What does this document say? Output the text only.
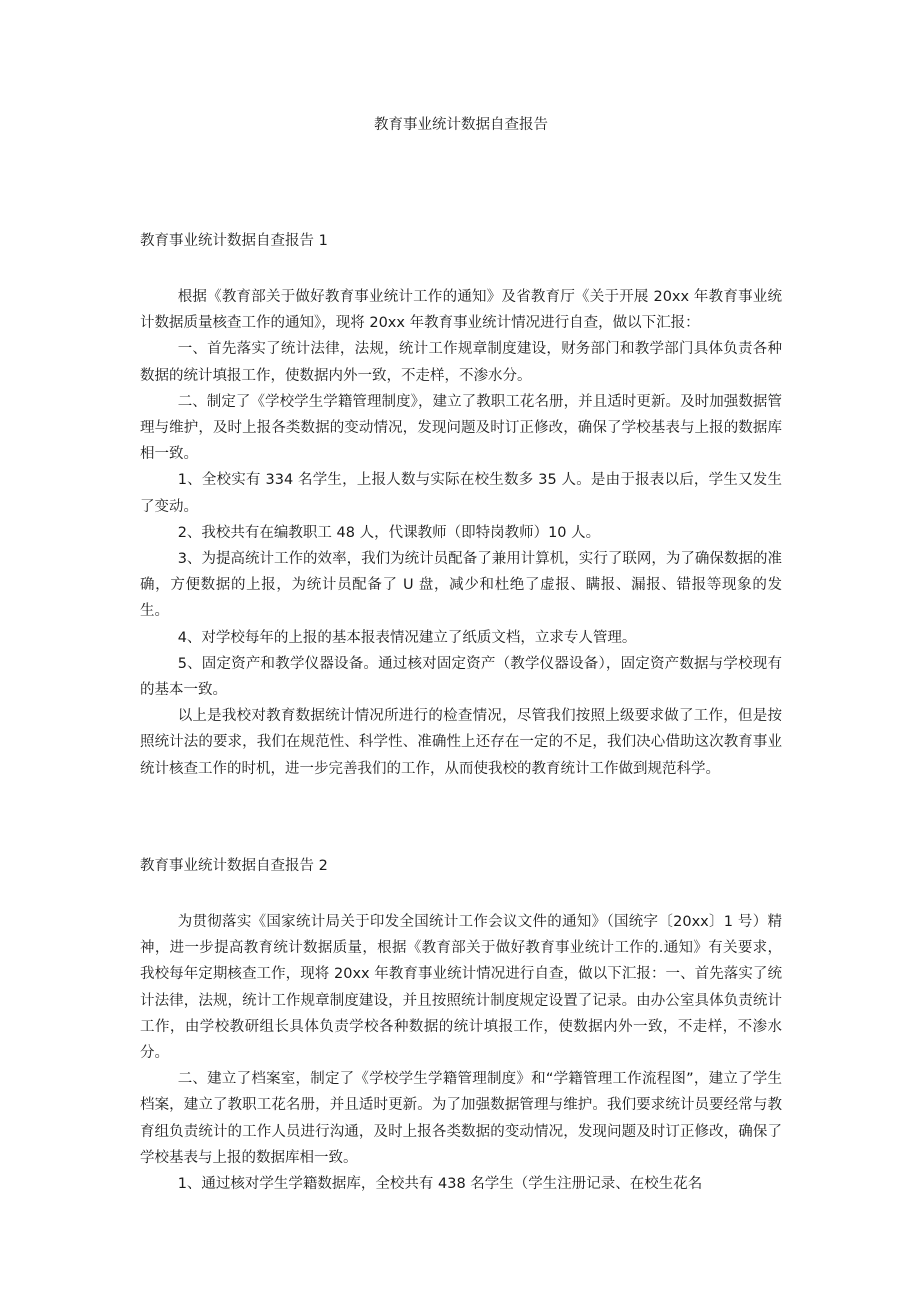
教育事业统计数据自查报告
教育事业统计数据自查报告 1

根据《教育部关于做好教育事业统计工作的通知》及省教育厅《关于开展 20xx 年教育事业统计数据质量核查工作的通知》，现将 20xx 年教育事业统计情况进行自查，做以下汇报：

一、首先落实了统计法律，法规，统计工作规章制度建设，财务部门和教学部门具体负责各种数据的统计填报工作，使数据内外一致，不走样，不渗水分。

二、制定了《学校学生学籍管理制度》，建立了教职工花名册，并且适时更新。及时加强数据管理与维护，及时上报各类数据的变动情况，发现问题及时订正修改，确保了学校基表与上报的数据库相一致。

1、全校实有 334 名学生，上报人数与实际在校生数多 35 人。是由于报表以后，学生又发生了变动。

2、我校共有在编教职工 48 人，代课教师（即特岗教师）10 人。

3、为提高统计工作的效率，我们为统计员配备了兼用计算机，实行了联网，为了确保数据的准确，方便数据的上报，为统计员配备了 U 盘，减少和杜绝了虚报、瞒报、漏报、错报等现象的发生。

4、对学校每年的上报的基本报表情况建立了纸质文档，立求专人管理。

5、固定资产和教学仪器设备。通过核对固定资产（教学仪器设备），固定资产数据与学校现有的基本一致。

以上是我校对教育数据统计情况所进行的检查情况，尽管我们按照上级要求做了工作，但是按照统计法的要求，我们在规范性、科学性、准确性上还存在一定的不足，我们决心借助这次教育事业统计核查工作的时机，进一步完善我们的工作，从而使我校的教育统计工作做到规范科学。

教育事业统计数据自查报告 2

为贯彻落实《国家统计局关于印发全国统计工作会议文件的通知》（国统字〔20xx〕1 号）精神，进一步提高教育统计数据质量，根据《教育部关于做好教育事业统计工作的.通知》有关要求，我校每年定期核查工作，现将 20xx 年教育事业统计情况进行自查，做以下汇报：一、首先落实了统计法律，法规，统计工作规章制度建设，并且按照统计制度规定设置了记录。由办公室具体负责统计工作，由学校教研组长具体负责学校各种数据的统计填报工作，使数据内外一致，不走样，不渗水分。

二、建立了档案室，制定了《学校学生学籍管理制度》和“学籍管理工作流程图”，建立了学生档案，建立了教职工花名册，并且适时更新。为了加强数据管理与维护。我们要求统计员要经常与教育组负责统计的工作人员进行沟通，及时上报各类数据的变动情况，发现问题及时订正修改，确保了学校基表与上报的数据库相一致。

1、通过核对学生学籍数据库，全校共有 438 名学生（学生注册记录、在校生花名
